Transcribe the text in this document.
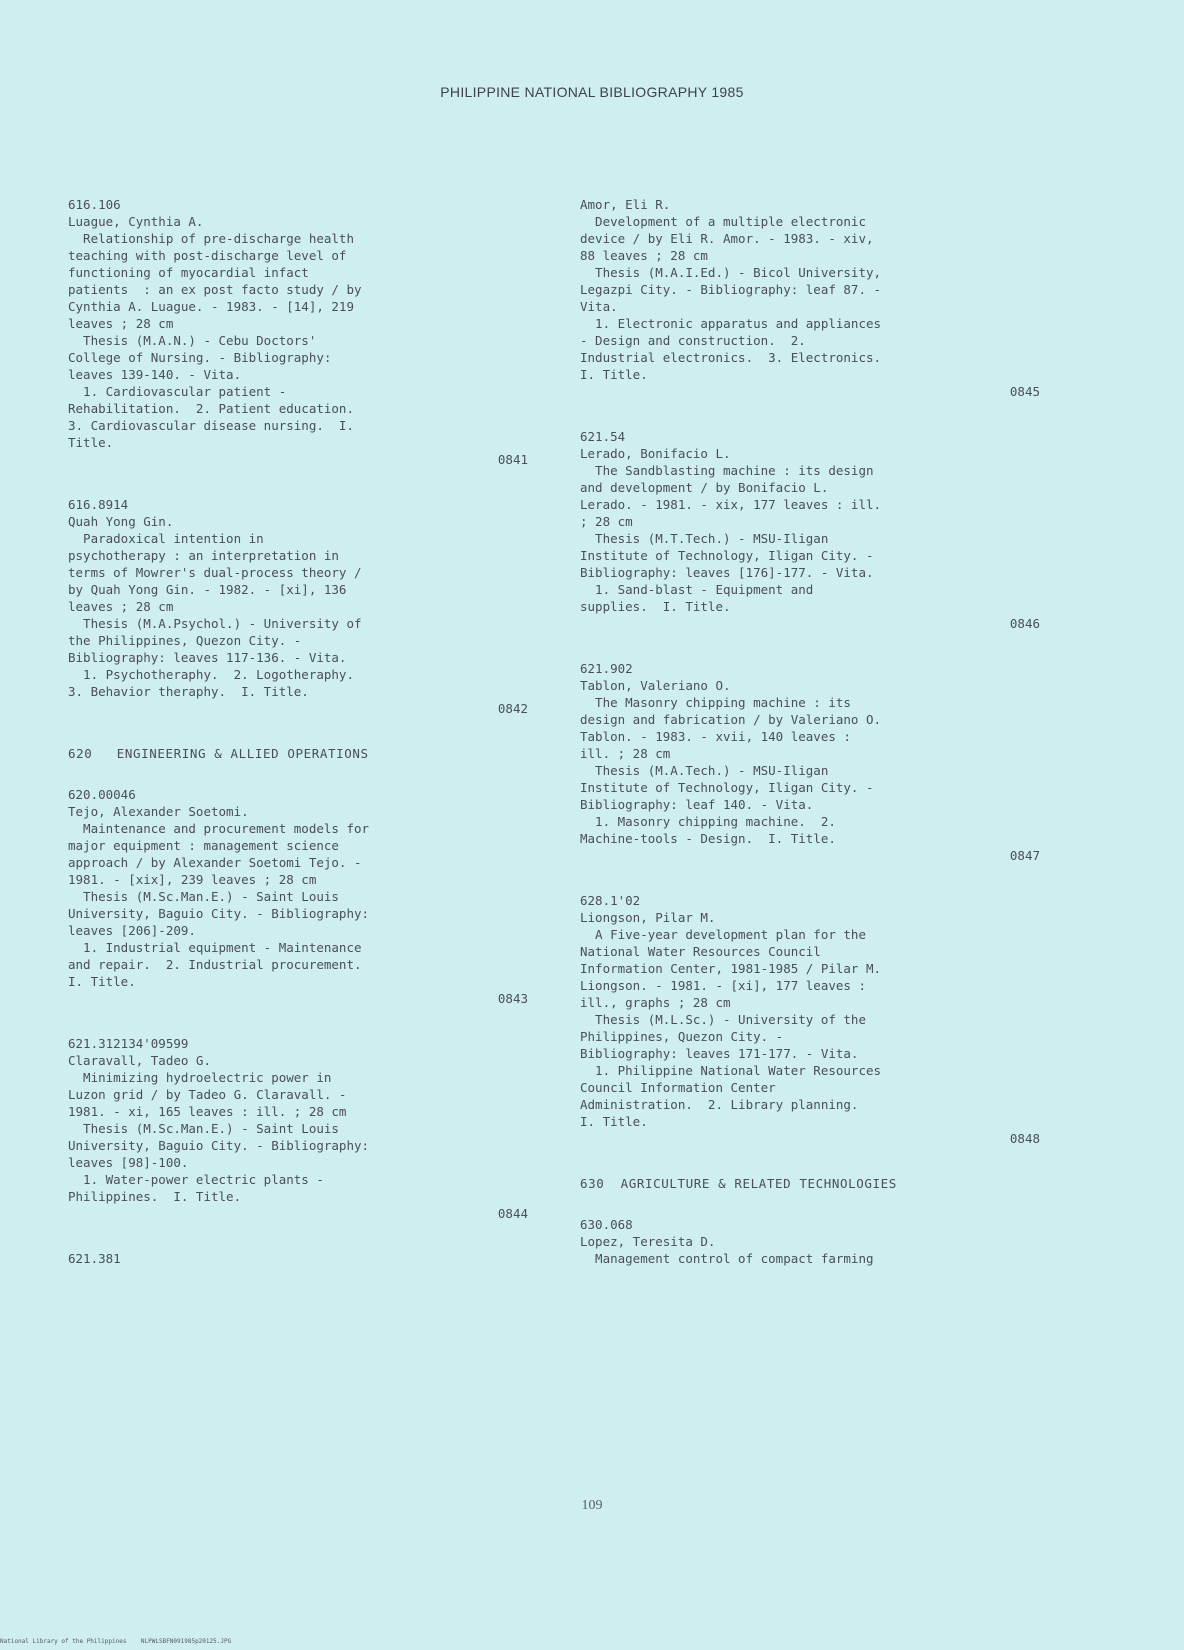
PHILIPPINE NATIONAL BIBLIOGRAPHY 1985
616.106
Luague, Cynthia A.
Relationship of pre-discharge health
teaching with post-discharge level of
functioning of myocardial infact
patients  : an ex post facto study / by
Cynthia A. Luague. - 1983. - [14], 219
leaves ; 28 cm
Thesis (M.A.N.) - Cebu Doctors'
College of Nursing. - Bibliography:
leaves 139-140. - Vita.
1. Cardiovascular patient -
Rehabilitation.  2. Patient education.
3. Cardiovascular disease nursing.  I.
Title.
0841
616.8914
Quah Yong Gin.
Paradoxical intention in
psychotherapy : an interpretation in
terms of Mowrer's dual-process theory /
by Quah Yong Gin. - 1982. - [xi], 136
leaves ; 28 cm
Thesis (M.A.Psychol.) - University of
the Philippines, Quezon City. -
Bibliography: leaves 117-136. - Vita.
1. Psychotheraphy.  2. Logotheraphy.
3. Behavior theraphy.  I. Title.
0842
620   ENGINEERING & ALLIED OPERATIONS
620.00046
Tejo, Alexander Soetomi.
Maintenance and procurement models for
major equipment : management science
approach / by Alexander Soetomi Tejo. -
1981. - [xix], 239 leaves ; 28 cm
Thesis (M.Sc.Man.E.) - Saint Louis
University, Baguio City. - Bibliography:
leaves [206]-209.
1. Industrial equipment - Maintenance
and repair.  2. Industrial procurement.
I. Title.
0843
621.312134'09599
Claravall, Tadeo G.
Minimizing hydroelectric power in
Luzon grid / by Tadeo G. Claravall. -
1981. - xi, 165 leaves : ill. ; 28 cm
Thesis (M.Sc.Man.E.) - Saint Louis
University, Baguio City. - Bibliography:
leaves [98]-100.
1. Water-power electric plants -
Philippines.  I. Title.
0844
621.381
Amor, Eli R.
Development of a multiple electronic
device / by Eli R. Amor. - 1983. - xiv,
88 leaves ; 28 cm
Thesis (M.A.I.Ed.) - Bicol University,
Legazpi City. - Bibliography: leaf 87. -
Vita.
1. Electronic apparatus and appliances
- Design and construction.  2.
Industrial electronics.  3. Electronics.
I. Title.
0845
621.54
Lerado, Bonifacio L.
The Sandblasting machine : its design
and development / by Bonifacio L.
Lerado. - 1981. - xix, 177 leaves : ill.
; 28 cm
Thesis (M.T.Tech.) - MSU-Iligan
Institute of Technology, Iligan City. -
Bibliography: leaves [176]-177. - Vita.
1. Sand-blast - Equipment and
supplies.  I. Title.
0846
621.902
Tablon, Valeriano O.
The Masonry chipping machine : its
design and fabrication / by Valeriano O.
Tablon. - 1983. - xvii, 140 leaves :
ill. ; 28 cm
Thesis (M.A.Tech.) - MSU-Iligan
Institute of Technology, Iligan City. -
Bibliography: leaf 140. - Vita.
1. Masonry chipping machine.  2.
Machine-tools - Design.  I. Title.
0847
628.1'02
Liongson, Pilar M.
A Five-year development plan for the
National Water Resources Council
Information Center, 1981-1985 / Pilar M.
Liongson. - 1981. - [xi], 177 leaves :
ill., graphs ; 28 cm
Thesis (M.L.Sc.) - University of the
Philippines, Quezon City. -
Bibliography: leaves 171-177. - Vita.
1. Philippine National Water Resources
Council Information Center
Administration.  2. Library planning.
I. Title.
0848
630  AGRICULTURE & RELATED TECHNOLOGIES
630.068
Lopez, Teresita D.
Management control of compact farming
109
National Library of the Philippines    NLPWLSBFN091985p20125.JPG
